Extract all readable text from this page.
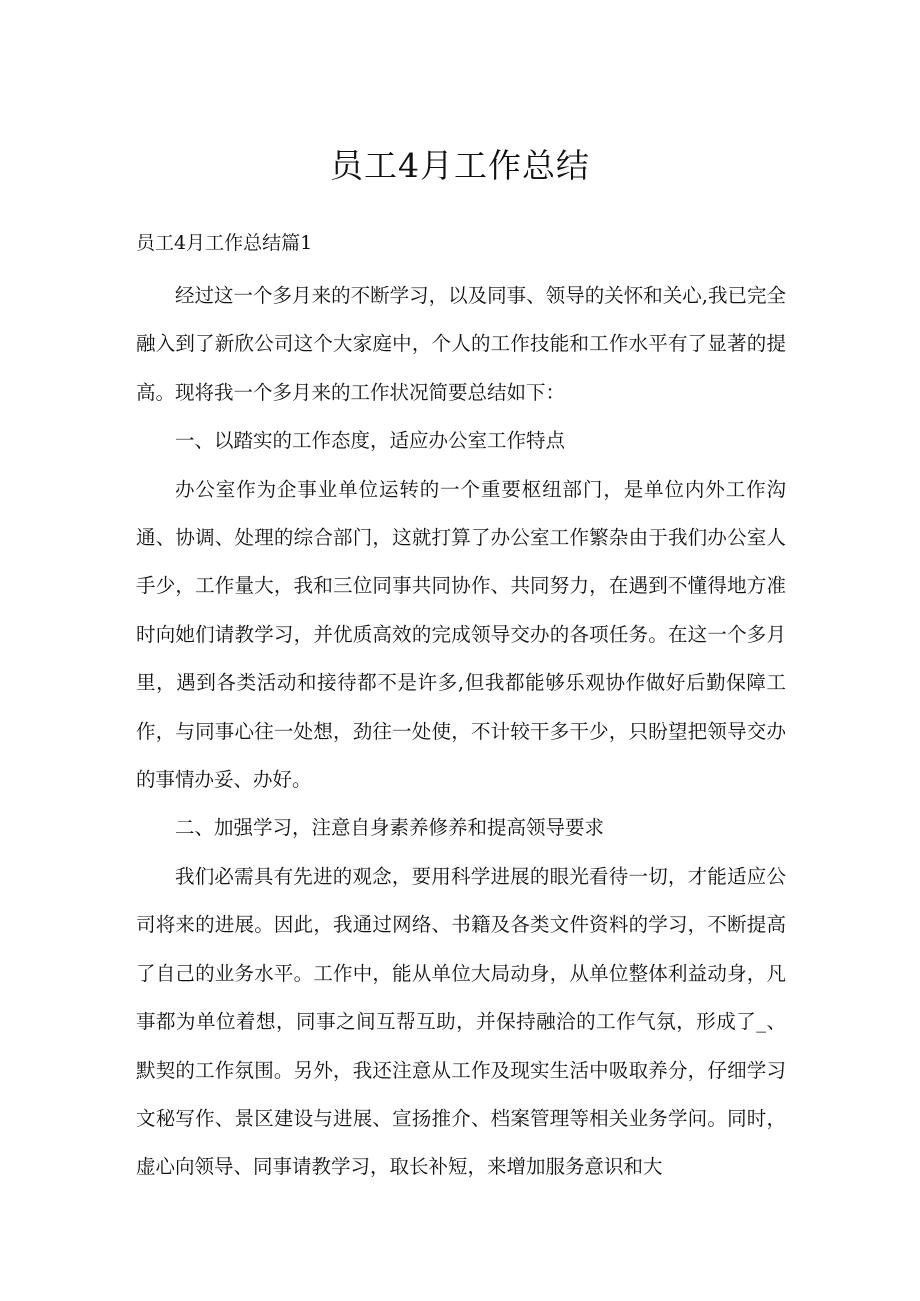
员工4月工作总结
员工4月工作总结篇1

经过这一个多月来的不断学习，以及同事、领导的关怀和关心,我已完全融入到了新欣公司这个大家庭中，个人的工作技能和工作水平有了显著的提高。现将我一个多月来的工作状况简要总结如下：

一、以踏实的工作态度，适应办公室工作特点

办公室作为企事业单位运转的一个重要枢纽部门，是单位内外工作沟通、协调、处理的综合部门，这就打算了办公室工作繁杂由于我们办公室人手少，工作量大，我和三位同事共同协作、共同努力，在遇到不懂得地方准时向她们请教学习，并优质高效的完成领导交办的各项任务。在这一个多月里，遇到各类活动和接待都不是许多,但我都能够乐观协作做好后勤保障工作，与同事心往一处想，劲往一处使，不计较干多干少，只盼望把领导交办的事情办妥、办好。

二、加强学习，注意自身素养修养和提高领导要求

我们必需具有先进的观念，要用科学进展的眼光看待一切，才能适应公司将来的进展。因此，我通过网络、书籍及各类文件资料的学习，不断提高了自己的业务水平。工作中，能从单位大局动身，从单位整体利益动身，凡事都为单位着想，同事之间互帮互助，并保持融洽的工作气氛，形成了_、默契的工作氛围。另外，我还注意从工作及现实生活中吸取养分，仔细学习文秘写作、景区建设与进展、宣扬推介、档案管理等相关业务学问。同时，虚心向领导、同事请教学习，取长补短，来增加服务意识和大
